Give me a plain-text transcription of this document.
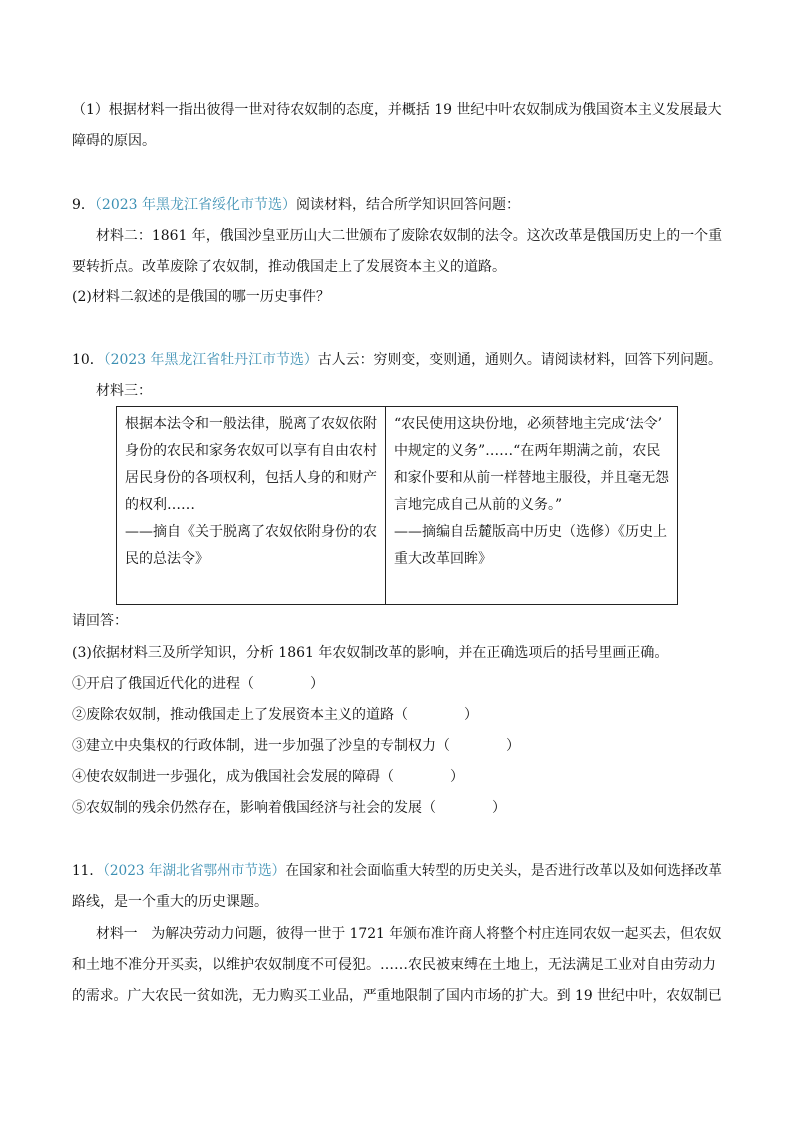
（1）根据材料一指出彼得一世对待农奴制的态度，并概括 19 世纪中叶农奴制成为俄国资本主义发展最大
障碍的原因。
9．（2023 年黑龙江省绥化市节选）阅读材料，结合所学知识回答问题：
材料二：1861 年，俄国沙皇亚历山大二世颁布了废除农奴制的法令。这次改革是俄国历史上的一个重
要转折点。改革废除了农奴制，推动俄国走上了发展资本主义的道路。
(2)材料二叙述的是俄国的哪一历史事件？
10．（2023 年黑龙江省牡丹江市节选）古人云：穷则变，变则通，通则久。请阅读材料，回答下列问题。
材料三：
根据本法令和一般法律，脱离了农奴依附
身份的农民和家务农奴可以享有自由农村
居民身份的各项权利，包括人身的和财产
的权利……
——摘自《关于脱离了农奴依附身份的农
民的总法令》

“农民使用这块份地，必须替地主完成‘法令’
中规定的义务”……“在两年期满之前，农民
和家仆要和从前一样替地主服役，并且毫无怨
言地完成自己从前的义务。”
——摘编自岳麓版高中历史（选修）《历史上
重大改革回眸》
请回答：
(3)依据材料三及所学知识，分析 1861 年农奴制改革的影响，并在正确选项后的括号里画正确。
①开启了俄国近代化的进程（　　　　）
②废除农奴制，推动俄国走上了发展资本主义的道路（　　　　）
③建立中央集权的行政体制，进一步加强了沙皇的专制权力（　　　　）
④使农奴制进一步强化，成为俄国社会发展的障碍（　　　　）
⑤农奴制的残余仍然存在，影响着俄国经济与社会的发展（　　　　）
11．（2023 年湖北省鄂州市节选）在国家和社会面临重大转型的历史关头，是否进行改革以及如何选择改革
路线，是一个重大的历史课题。
材料一　为解决劳动力问题，彼得一世于 1721 年颁布准许商人将整个村庄连同农奴一起买去，但农奴
和土地不准分开买卖，以维护农奴制度不可侵犯。……农民被束缚在土地上，无法满足工业对自由劳动力
的需求。广大农民一贫如洗，无力购买工业品，严重地限制了国内市场的扩大。到 19 世纪中叶，农奴制已
